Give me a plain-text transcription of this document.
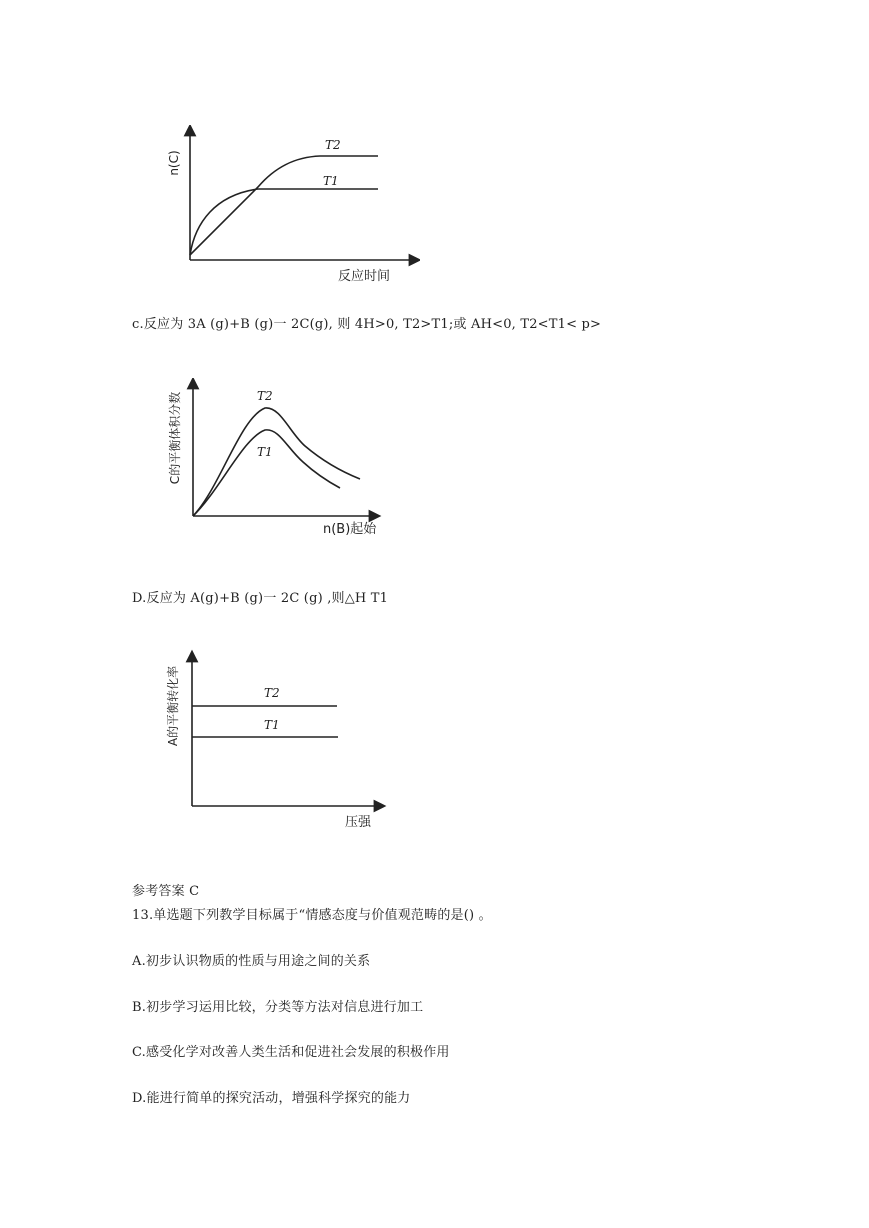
n(C)
反应时间
T2
T1
c.反应为 3A (g)+B (g)一 2C(g), 则 4H>0, T2>T1;或 AH<0, T2<T1< p>
C的平衡体积分数
n(B)起始
T2
T1
D.反应为 A(g)+B (g)一 2C (g) ,则△H T1
A的平衡转化率
压强
T2
T1
参考答案 C
13.单选题下列教学目标属于“情感态度与价值观范畴的是() 。
A.初步认识物质的性质与用途之间的关系
B.初步学习运用比较，分类等方法对信息进行加工
C.感受化学对改善人类生活和促进社会发展的积极作用
D.能进行简单的探究活动，增强科学探究的能力
